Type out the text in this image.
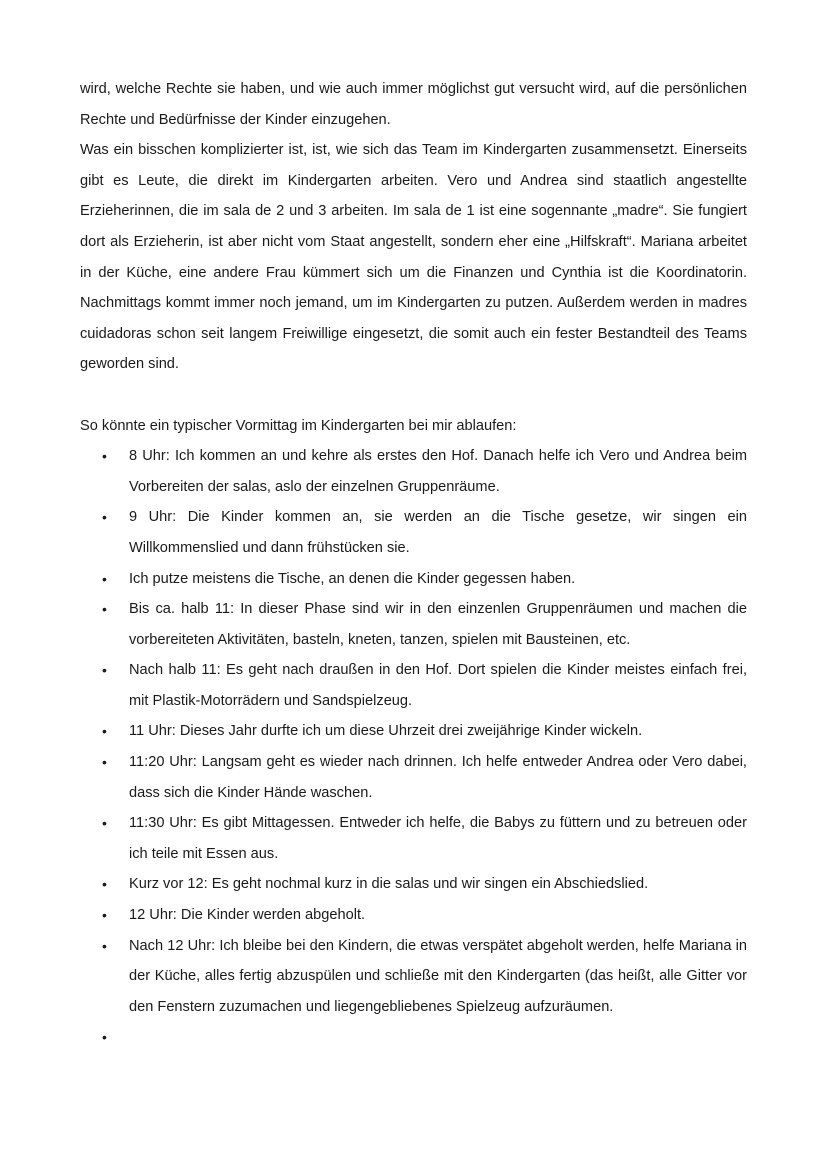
wird, welche Rechte sie haben, und wie auch immer möglichst gut versucht wird, auf die persönlichen Rechte und Bedürfnisse der Kinder einzugehen.

Was ein bisschen komplizierter ist, ist, wie sich das Team im Kindergarten zusammensetzt. Einerseits gibt es Leute, die direkt im Kindergarten arbeiten. Vero und Andrea sind staatlich angestellte Erzieherinnen, die im sala de 2 und 3 arbeiten. Im sala de 1 ist eine sogennante „madre“. Sie fungiert dort als Erzieherin, ist aber nicht vom Staat angestellt, sondern eher eine „Hilfskraft“. Mariana arbeitet in der Küche, eine andere Frau kümmert sich um die Finanzen und Cynthia ist die Koordinatorin. Nachmittags kommt immer noch jemand, um im Kindergarten zu putzen. Außerdem werden in madres cuidadoras schon seit langem Freiwillige eingesetzt, die somit auch ein fester Bestandteil des Teams geworden sind.

So könnte ein typischer Vormittag im Kindergarten bei mir ablaufen:

• 8 Uhr: Ich kommen an und kehre als erstes den Hof. Danach helfe ich Vero und Andrea beim Vorbereiten der salas, aslo der einzelnen Gruppenräume.
• 9 Uhr: Die Kinder kommen an, sie werden an die Tische gesetze, wir singen ein Willkommenslied und dann frühstücken sie.
• Ich putze meistens die Tische, an denen die Kinder gegessen haben.
• Bis ca. halb 11: In dieser Phase sind wir in den einzenlen Gruppenräumen und machen die vorbereiteten Aktivitäten, basteln, kneten, tanzen, spielen mit Bausteinen, etc.
• Nach halb 11: Es geht nach draußen in den Hof. Dort spielen die Kinder meistes einfach frei, mit Plastik-Motorrädern und Sandspielzeug.
• 11 Uhr: Dieses Jahr durfte ich um diese Uhrzeit drei zweijährige Kinder wickeln.
• 11:20 Uhr: Langsam geht es wieder nach drinnen. Ich helfe entweder Andrea oder Vero dabei, dass sich die Kinder Hände waschen.
• 11:30 Uhr: Es gibt Mittagessen. Entweder ich helfe, die Babys zu füttern und zu betreuen oder ich teile mit Essen aus.
• Kurz vor 12: Es geht nochmal kurz in die salas und wir singen ein Abschiedslied.
• 12 Uhr: Die Kinder werden abgeholt.
• Nach 12 Uhr: Ich bleibe bei den Kindern, die etwas verspätet abgeholt werden, helfe Mariana in der Küche, alles fertig abzuspülen und schließe mit den Kindergarten (das heißt, alle Gitter vor den Fenstern zuzumachen und liegengebliebenes Spielzeug aufzuräumen.
•
